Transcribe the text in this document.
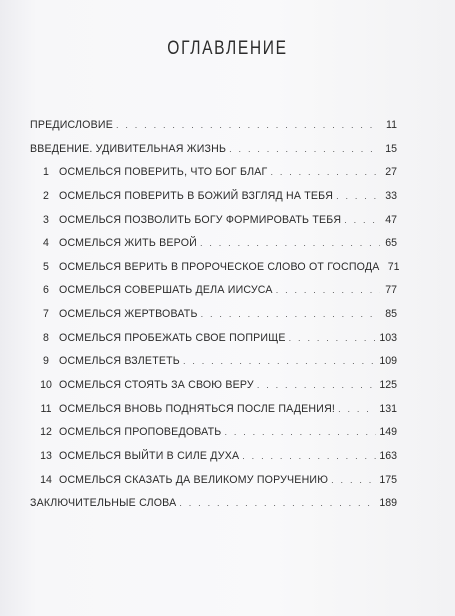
ОГЛАВЛЕНИЕ
ПРЕДИСЛОВИЕ . . .	11
ВВЕДЕНИЕ. УДИВИТЕЛЬНАЯ ЖИЗНЬ . . .	15
1 ОСМЕЛЬСЯ ПОВЕРИТЬ, ЧТО БОГ БЛАГ . . .	27
2 ОСМЕЛЬСЯ ПОВЕРИТЬ В БОЖИЙ ВЗГЛЯД НА ТЕБЯ . . .	33
3 ОСМЕЛЬСЯ ПОЗВОЛИТЬ БОГУ ФОРМИРОВАТЬ ТЕБЯ . . .	47
4 ОСМЕЛЬСЯ ЖИТЬ ВЕРОЙ . . .	65
5 ОСМЕЛЬСЯ ВЕРИТЬ В ПРОРОЧЕСКОЕ СЛОВО ОТ ГОСПОДА 71
6 ОСМЕЛЬСЯ СОВЕРШАТЬ ДЕЛА ИИСУСА . . .	77
7 ОСМЕЛЬСЯ ЖЕРТВОВАТЬ . . .	85
8 ОСМЕЛЬСЯ ПРОБЕЖАТЬ СВОЕ ПОПРИЩЕ . . .	103
9 ОСМЕЛЬСЯ ВЗЛЕТЕТЬ . . .	109
10 ОСМЕЛЬСЯ СТОЯТЬ ЗА СВОЮ ВЕРУ . . .	125
11 ОСМЕЛЬСЯ ВНОВЬ ПОДНЯТЬСЯ ПОСЛЕ ПАДЕНИЯ! . . .	131
12 ОСМЕЛЬСЯ ПРОПОВЕДОВАТЬ . . .	149
13 ОСМЕЛЬСЯ ВЫЙТИ В СИЛЕ ДУХА . . .	163
14 ОСМЕЛЬСЯ СКАЗАТЬ ДА ВЕЛИКОМУ ПОРУЧЕНИЮ . . .	175
ЗАКЛЮЧИТЕЛЬНЫЕ СЛОВА . . .	189
